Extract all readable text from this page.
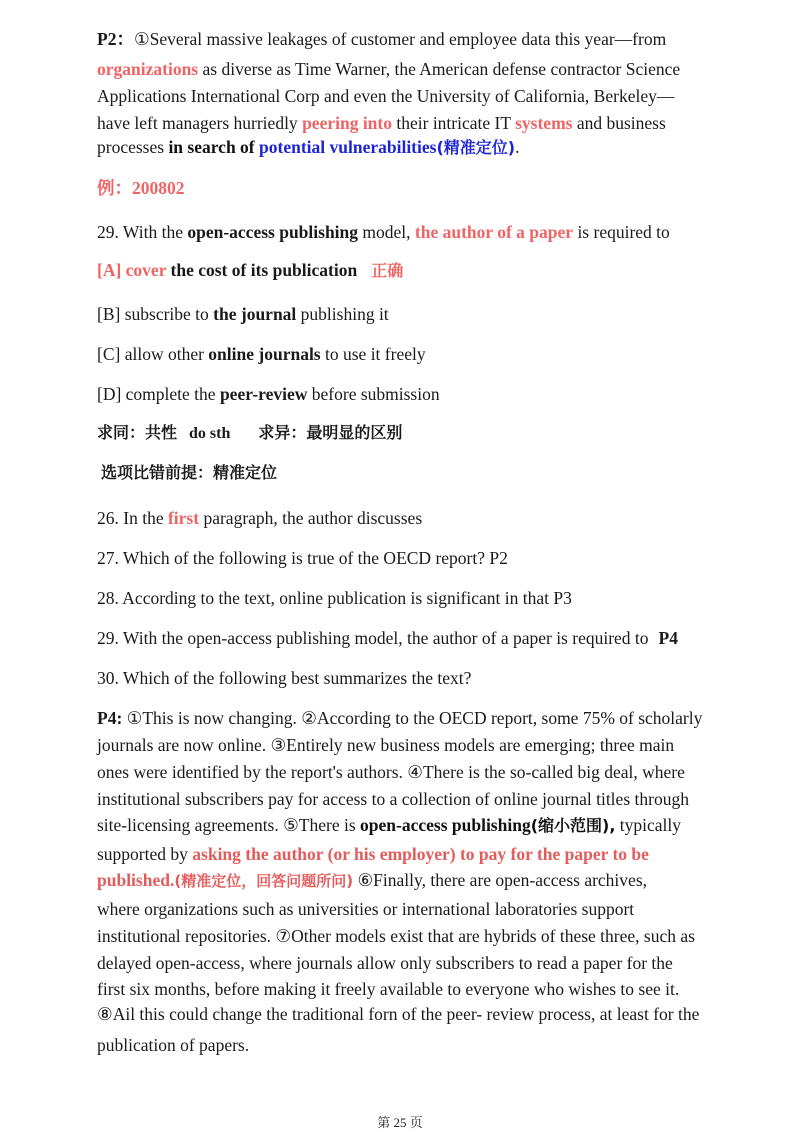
P2：①Several massive leakages of customer and employee data this year—from
organizations as diverse as Time Warner, the American defense contractor Science
Applications International Corp and even the University of California, Berkeley—
have left managers hurriedly peering into their intricate IT systems and business
processes in search of potential vulnerabilities(精准定位).
例：200802
29. With the open-access publishing model, the author of a paper is required to
[A] cover the cost of its publication 正确
[B] subscribe to the journal publishing it
[C] allow other online journals to use it freely
[D] complete the peer-review before submission
求同：共性 do sth 求异：最明显的区别
选项比错前提：精准定位
26. In the first paragraph, the author discusses
27. Which of the following is true of the OECD report? P2
28. According to the text, online publication is significant in that P3
29. With the open-access publishing model, the author of a paper is required to P4
30. Which of the following best summarizes the text?
P4: ①This is now changing. ②According to the OECD report, some 75% of scholarly
journals are now online. ③Entirely new business models are emerging; three main
ones were identified by the report's authors. ④There is the so-called big deal, where
institutional subscribers pay for access to a collection of online journal titles through
site-licensing agreements. ⑤There is open-access publishing(缩小范围), typically
supported by asking the author (or his employer) to pay for the paper to be
published.(精准定位，回答问题所问) ⑥Finally, there are open-access archives,
where organizations such as universities or international laboratories support
institutional repositories. ⑦Other models exist that are hybrids of these three, such as
delayed open-access, where journals allow only subscribers to read a paper for the
first six months, before making it freely available to everyone who wishes to see it.
⑧Ail this could change the traditional forn of the peer- review process, at least for the
publication of papers.
第 25 页
